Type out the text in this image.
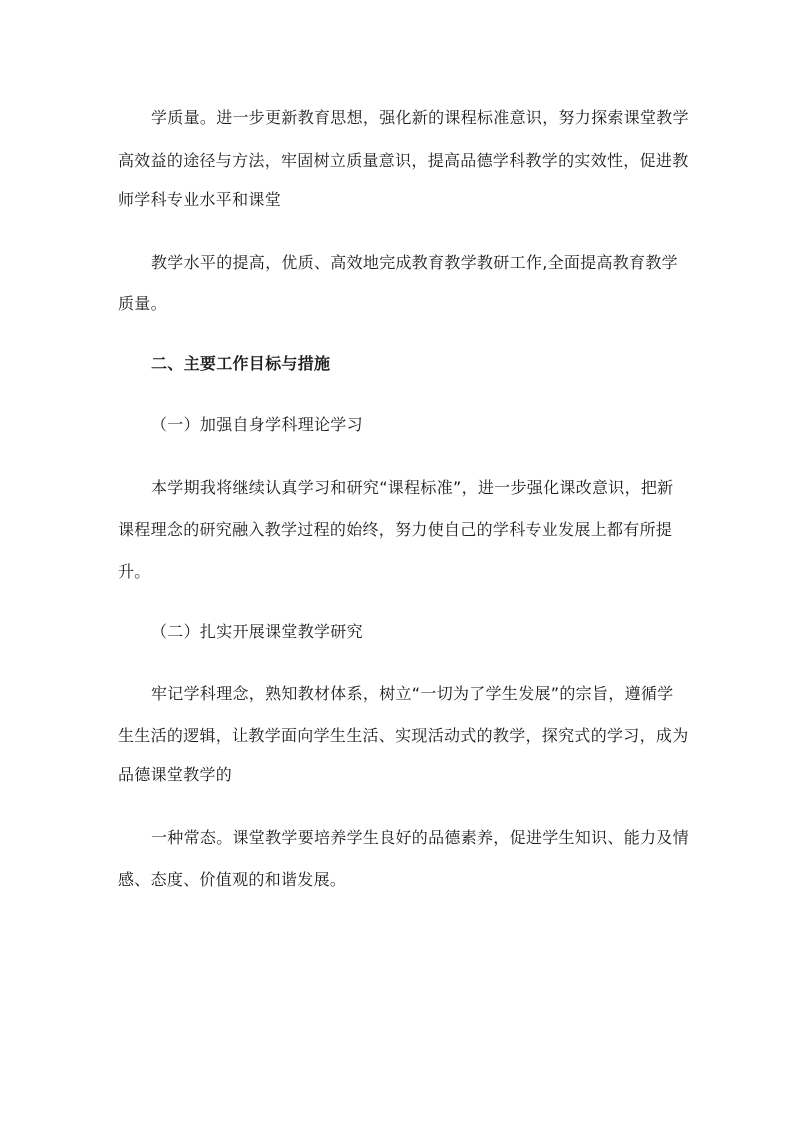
学质量。进一步更新教育思想，强化新的课程标准意识，努力探索课堂教学
高效益的途径与方法，牢固树立质量意识，提高品德学科教学的实效性，促进教
师学科专业水平和课堂
教学水平的提高，优质、高效地完成教育教学教研工作,全面提高教育教学
质量。
二、主要工作目标与措施
（一）加强自身学科理论学习
本学期我将继续认真学习和研究“课程标准”，进一步强化课改意识，把新
课程理念的研究融入教学过程的始终，努力使自己的学科专业发展上都有所提
升。
（二）扎实开展课堂教学研究
牢记学科理念，熟知教材体系，树立“一切为了学生发展”的宗旨，遵循学
生生活的逻辑，让教学面向学生生活、实现活动式的教学，探究式的学习，成为
品德课堂教学的
一种常态。课堂教学要培养学生良好的品德素养，促进学生知识、能力及情
感、态度、价值观的和谐发展。
